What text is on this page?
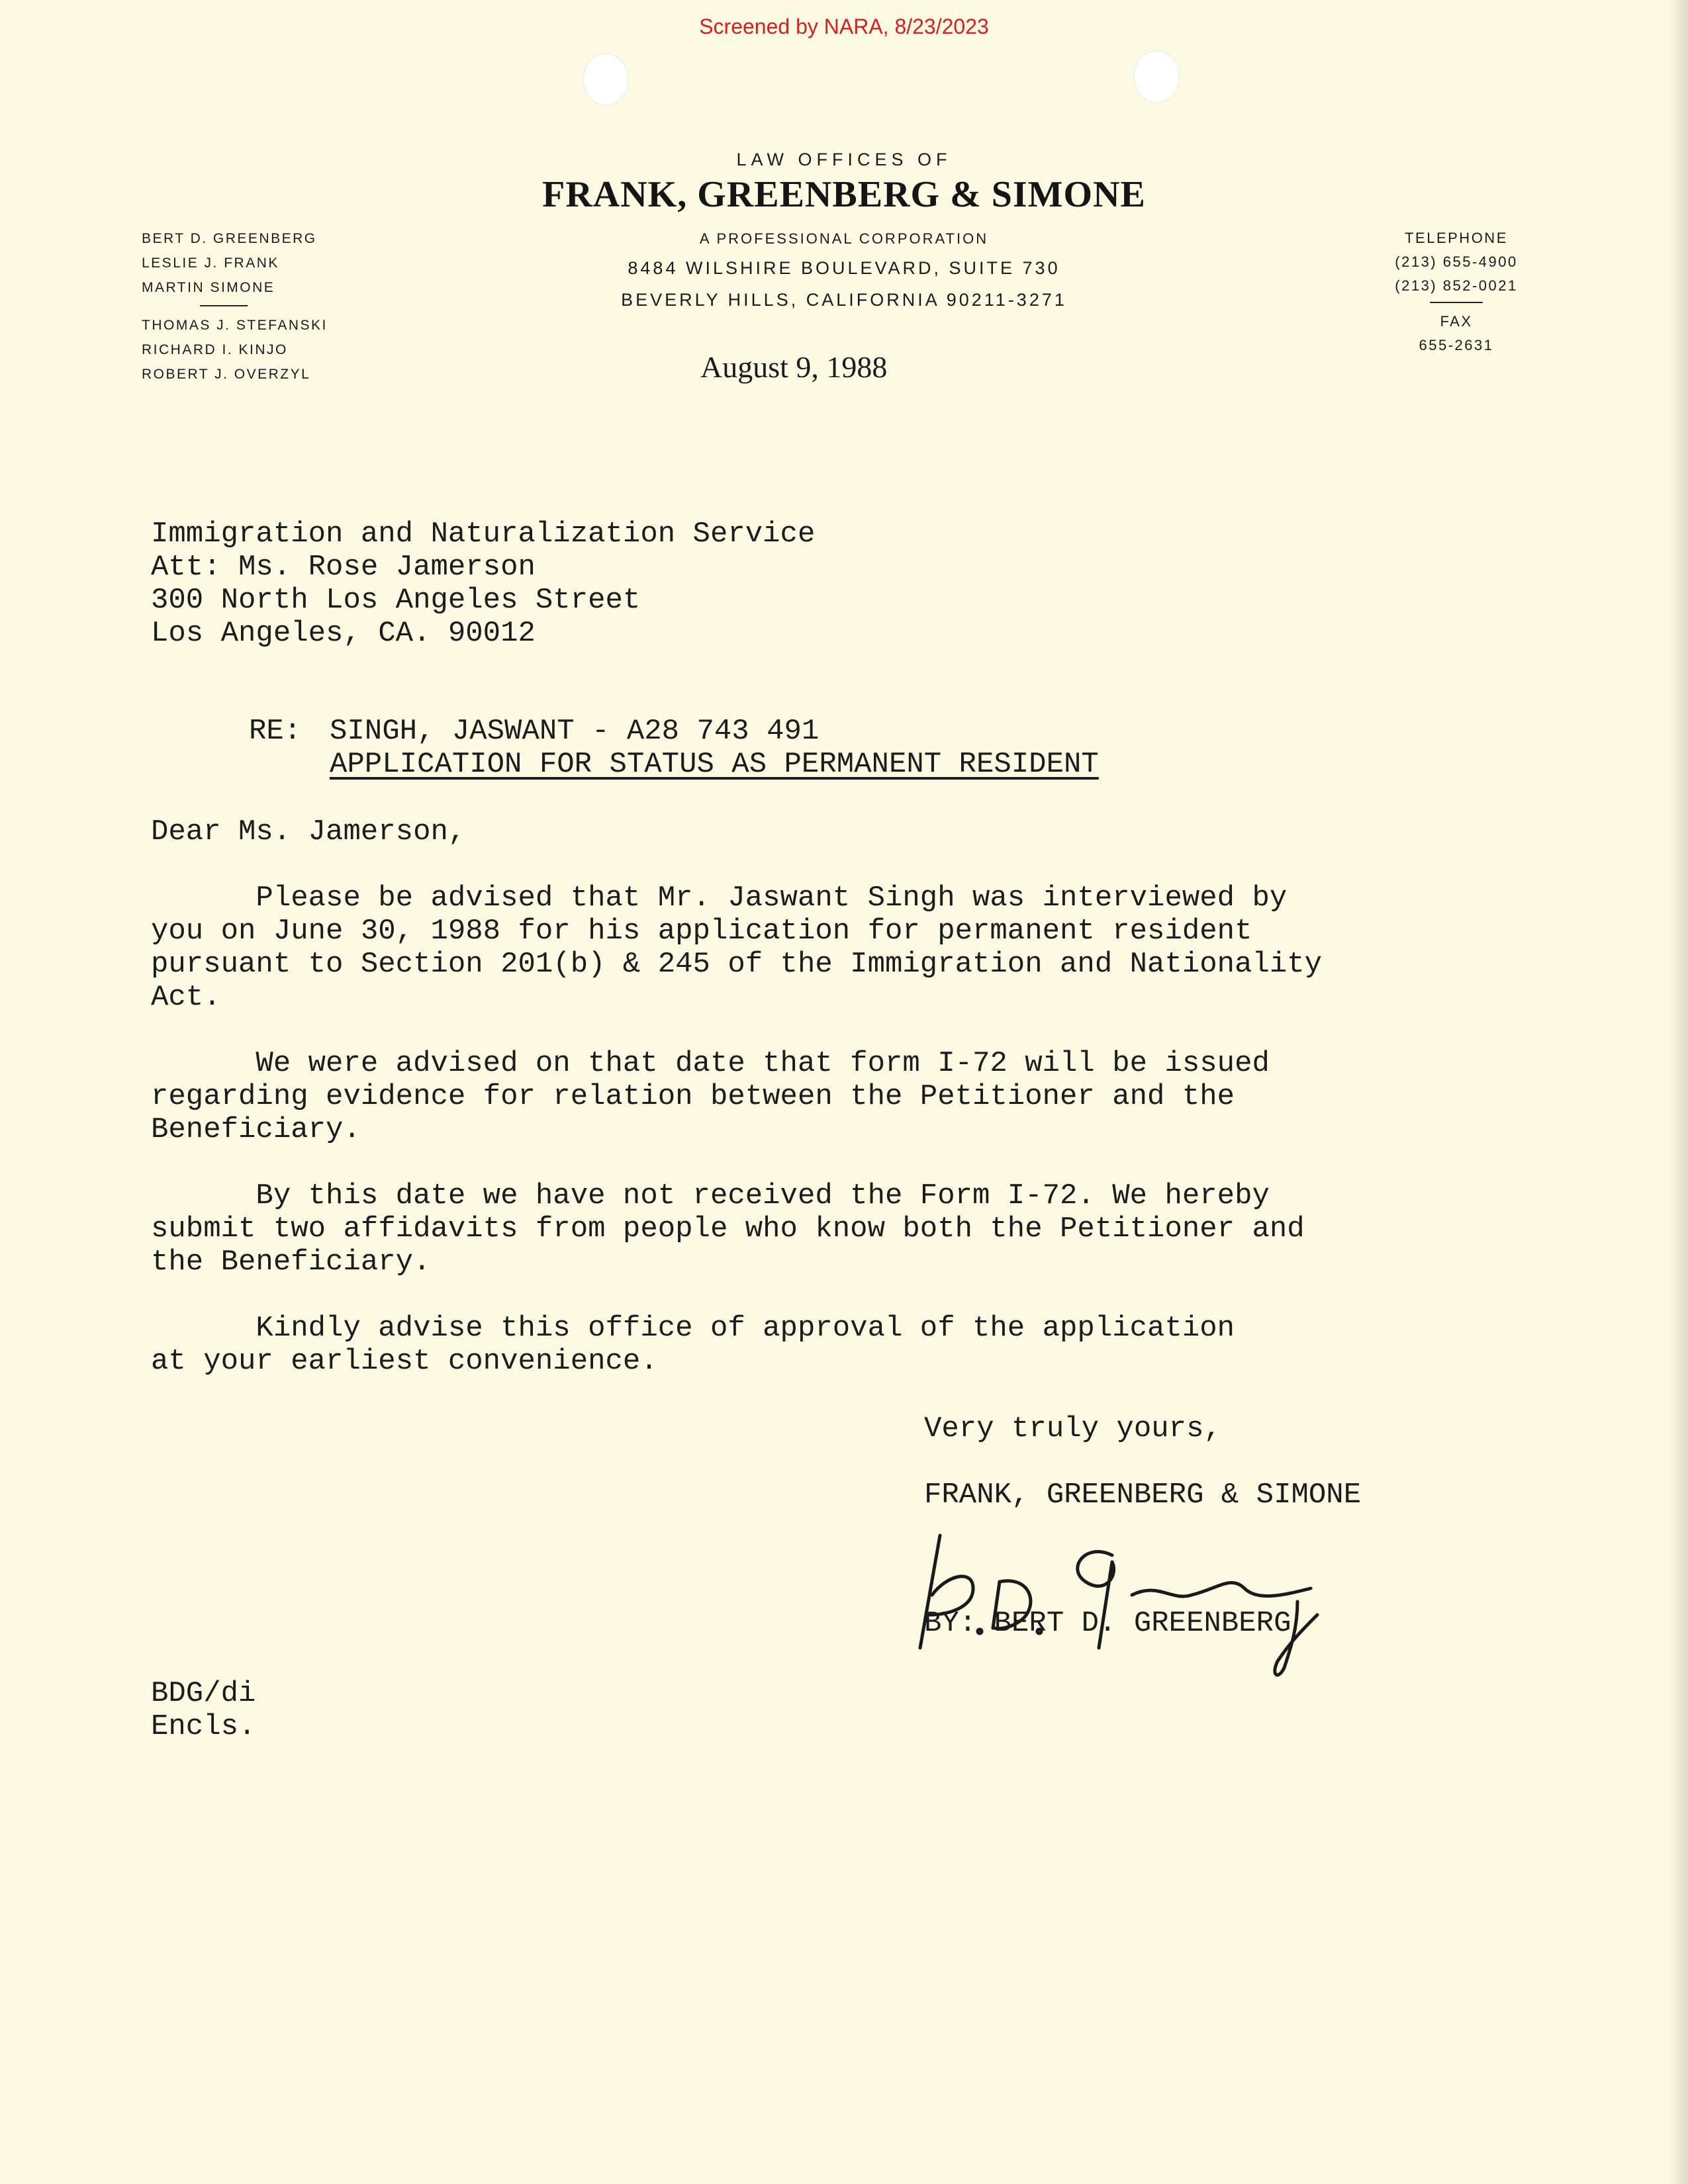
Screened by NARA, 8/23/2023
LAW OFFICES OF
FRANK, GREENBERG & SIMONE
A PROFESSIONAL CORPORATION
8484 WILSHIRE BOULEVARD, SUITE 730
BEVERLY HILLS, CALIFORNIA 90211-3271
BERT D. GREENBERG
LESLIE J. FRANK
MARTIN SIMONE
THOMAS J. STEFANSKI
RICHARD I. KINJO
ROBERT J. OVERZYL
TELEPHONE
(213) 655-4900
(213) 852-0021
FAX
655-2631
August 9, 1988
Immigration and Naturalization Service
Att: Ms. Rose Jamerson
300 North Los Angeles Street
Los Angeles, CA. 90012
RE: SINGH, JASWANT - A28 743 491
APPLICATION FOR STATUS AS PERMANENT RESIDENT
Dear Ms. Jamerson,
Please be advised that Mr. Jaswant Singh was interviewed by
you on June 30, 1988 for his application for permanent resident
pursuant to Section 201(b) & 245 of the Immigration and Nationality
Act.
We were advised on that date that form I-72 will be issued
regarding evidence for relation between the Petitioner and the
Beneficiary.
By this date we have not received the Form I-72. We hereby
submit two affidavits from people who know both the Petitioner and
the Beneficiary.
Kindly advise this office of approval of the application
at your earliest convenience.
Very truly yours,
FRANK, GREENBERG & SIMONE
BY: BERT D. GREENBERG
BDG/di
Encls.
